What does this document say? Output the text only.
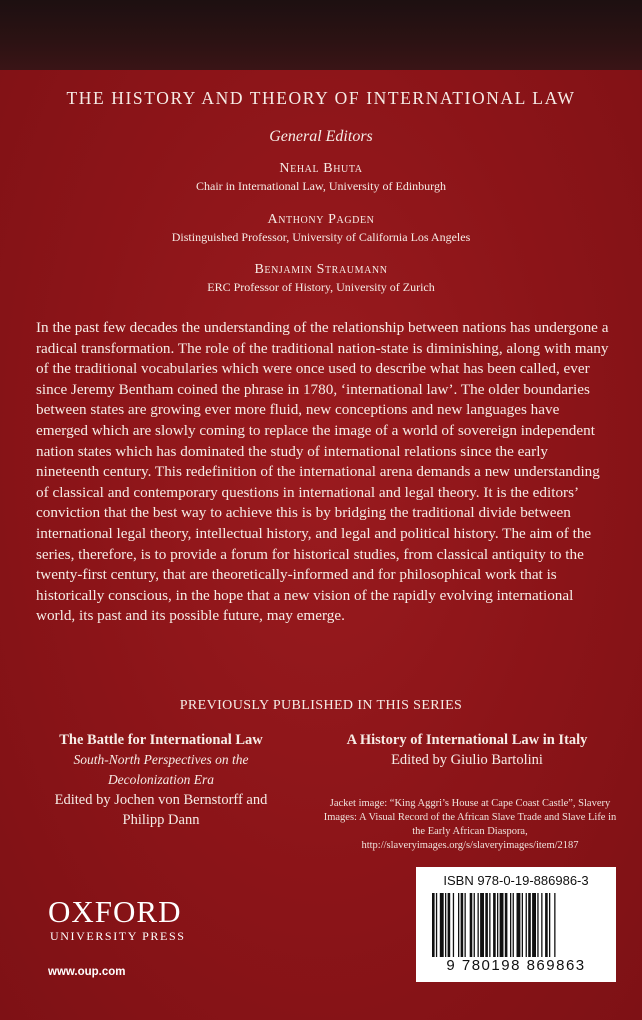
THE HISTORY AND THEORY OF INTERNATIONAL LAW
General Editors
Nehal Bhuta
Chair in International Law, University of Edinburgh
Anthony Pagden
Distinguished Professor, University of California Los Angeles
Benjamin Straumann
ERC Professor of History, University of Zurich
In the past few decades the understanding of the relationship between nations has undergone a radical transformation. The role of the traditional nation-state is diminishing, along with many of the traditional vocabularies which were once used to describe what has been called, ever since Jeremy Bentham coined the phrase in 1780, ‘international law’. The older boundaries between states are growing ever more fluid, new conceptions and new languages have emerged which are slowly coming to replace the image of a world of sovereign independent nation states which has dominated the study of international relations since the early nineteenth century. This redefinition of the international arena demands a new understanding of classical and contemporary questions in international and legal theory. It is the editors’ conviction that the best way to achieve this is by bridging the traditional divide between international legal theory, intellectual history, and legal and political history. The aim of the series, therefore, is to provide a forum for historical studies, from classical antiquity to the twenty-first century, that are theoretically-informed and for philosophical work that is historically conscious, in the hope that a new vision of the rapidly evolving international world, its past and its possible future, may emerge.
PREVIOUSLY PUBLISHED IN THIS SERIES
The Battle for International Law
South-North Perspectives on the Decolonization Era
Edited by Jochen von Bernstorff and Philipp Dann
A History of International Law in Italy
Edited by Giulio Bartolini
Jacket image: “King Aggri’s House at Cape Coast Castle”, Slavery Images: A Visual Record of the African Slave Trade and Slave Life in the Early African Diaspora, http://slaveryimages.org/s/slaveryimages/item/2187
ISBN 978-0-19-886986-3
9 780198 869863
OXFORD
UNIVERSITY PRESS
www.oup.com
